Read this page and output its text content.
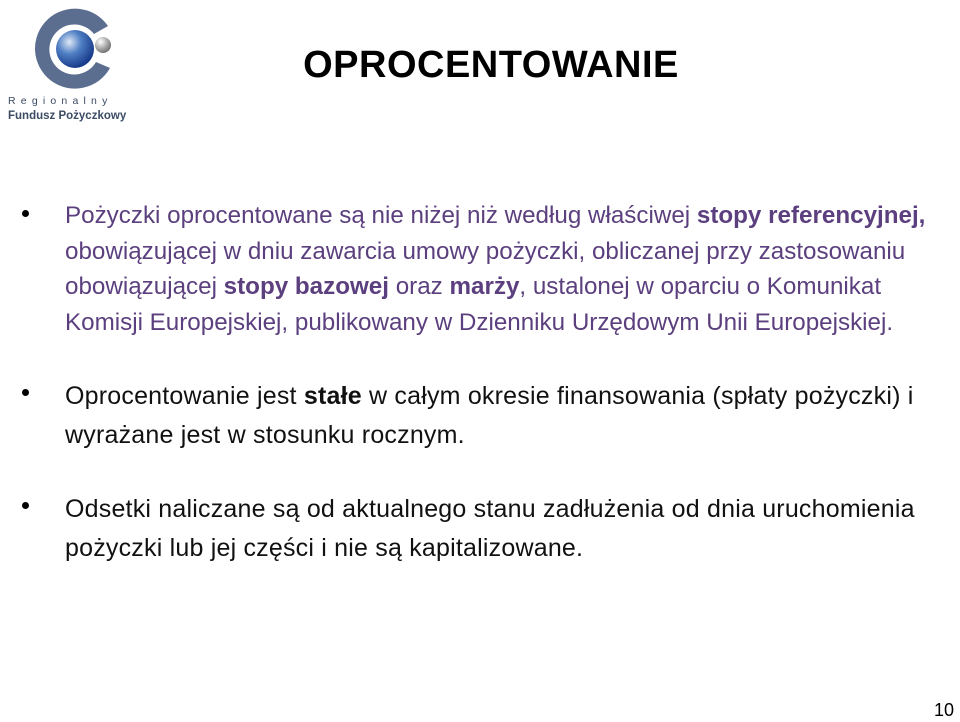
Regionalny
Fundusz Pożyczkowy
OPROCENTOWANIE
Pożyczki oprocentowane są nie niżej niż według właściwej stopy referencyjnej, obowiązującej w dniu zawarcia umowy pożyczki, obliczanej przy zastosowaniu obowiązującej stopy bazowej oraz marży, ustalonej w oparciu o Komunikat Komisji Europejskiej, publikowany w Dzienniku Urzędowym Unii Europejskiej.
Oprocentowanie jest stałe w całym okresie finansowania (spłaty pożyczki) i wyrażane jest w stosunku rocznym.
Odsetki naliczane są od aktualnego stanu zadłużenia od dnia uruchomienia pożyczki lub jej części i nie są kapitalizowane.
10
